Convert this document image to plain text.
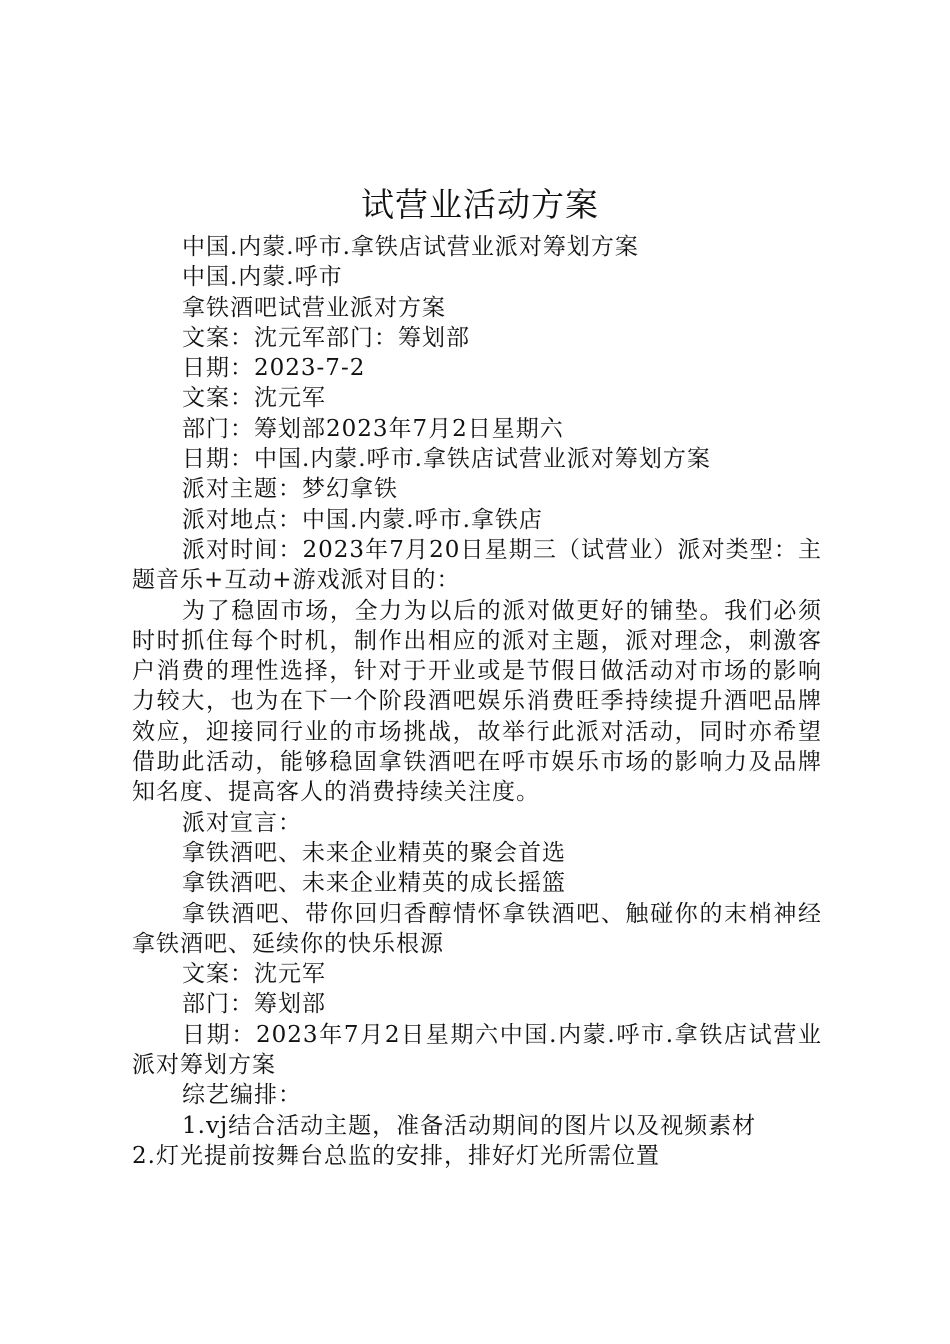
试营业活动方案

中国.内蒙.呼市.拿铁店试营业派对筹划方案

中国.内蒙.呼市

拿铁酒吧试营业派对方案

文案：沈元军部门：筹划部

日期：2023-7-2

文案：沈元军

部门：筹划部2023年7月2日星期六

日期：中国.内蒙.呼市.拿铁店试营业派对筹划方案

派对主题：梦幻拿铁

派对地点：中国.内蒙.呼市.拿铁店

派对时间：2023年7月20日星期三（试营业）派对类型：主题音乐+互动+游戏派对目的：

为了稳固市场，全力为以后的派对做更好的铺垫。我们必须时时抓住每个时机，制作出相应的派对主题，派对理念，刺激客户消费的理性选择，针对于开业或是节假日做活动对市场的影响力较大，也为在下一个阶段酒吧娱乐消费旺季持续提升酒吧品牌效应，迎接同行业的市场挑战，故举行此派对活动，同时亦希望借助此活动，能够稳固拿铁酒吧在呼市娱乐市场的影响力及品牌知名度、提高客人的消费持续关注度。

派对宣言：

拿铁酒吧、未来企业精英的聚会首选

拿铁酒吧、未来企业精英的成长摇篮

拿铁酒吧、带你回归香醇情怀拿铁酒吧、触碰你的末梢神经拿铁酒吧、延续你的快乐根源

文案：沈元军

部门：筹划部

日期：2023年7月2日星期六中国.内蒙.呼市.拿铁店试营业派对筹划方案

综艺编排：

1.vj结合活动主题，准备活动期间的图片以及视频素材

2.灯光提前按舞台总监的安排，排好灯光所需位置
